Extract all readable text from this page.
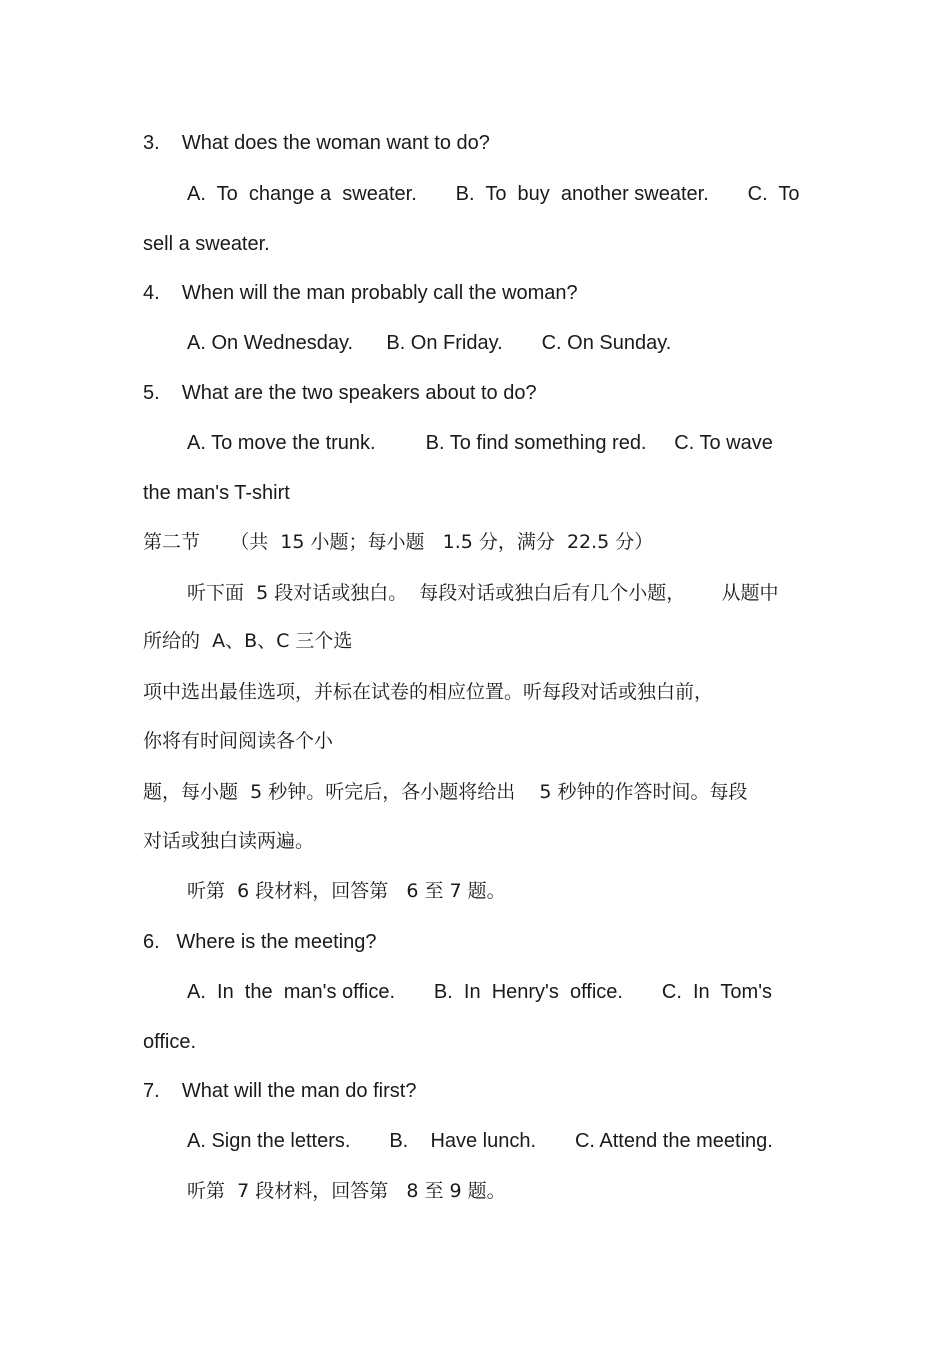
3.    What does the woman want to do?
A.  To  change a  sweater.       B.  To  buy  another sweater.       C.  To
sell a sweater.
4.    When will the man probably call the woman?
A. On Wednesday.      B. On Friday.       C. On Sunday.
5.    What are the two speakers about to do?
A. To move the trunk.         B. To find something red.     C. To wave
the man's T-shirt
第二节     （共  15 小题；每小题   1.5 分，满分  22.5 分）
听下面  5 段对话或独白。  每段对话或独白后有几个小题，      从题中
所给的  A、B、C 三个选
项中选出最佳选项，并标在试卷的相应位置。听每段对话或独白前，
你将有时间阅读各个小
题，每小题  5 秒钟。听完后，各小题将给出    5 秒钟的作答时间。每段
对话或独白读两遍。
听第  6 段材料，回答第   6 至 7 题。
6.   Where is the meeting?
A.  In  the  man's office.       B.  In  Henry's  office.       C.  In  Tom's
office.
7.    What will the man do first?
A. Sign the letters.       B.    Have lunch.       C. Attend the meeting.
听第  7 段材料，回答第   8 至 9 题。
